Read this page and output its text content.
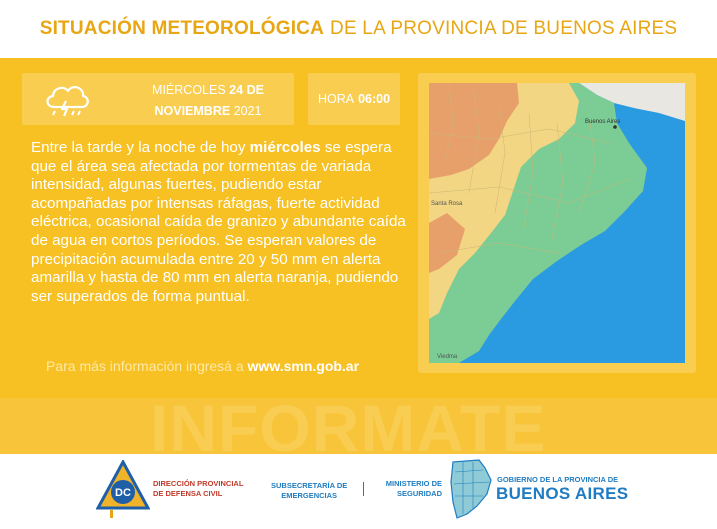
SITUACIÓN METEOROLÓGICA DE LA PROVINCIA DE BUENOS AIRES
MIÉRCOLES 24 DE
NOVIEMBRE 2021
HORA 06:00
Entre la tarde y la noche de hoy miércoles se espera que el área sea afectada por tormentas de variada intensidad, algunas fuertes, pudiendo estar acompañadas por intensas ráfagas, fuerte actividad eléctrica, ocasional caída de granizo y abundante caída de agua en cortos períodos. Se esperan valores de precipitación acumulada entre 20 y 50 mm en alerta amarilla y hasta de 80 mm en alerta naranja, pudiendo ser superados de forma puntual.
Para más información ingresá a www.smn.gob.ar
Buenos Aires
Santa Rosa
Viedma
INFORMATE
DC
DIRECCIÓN PROVINCIAL
DE DEFENSA CIVIL
SUBSECRETARÍA DE
EMERGENCIAS
MINISTERIO DE
SEGURIDAD
GOBIERNO DE LA PROVINCIA DE
BUENOS AIRES
